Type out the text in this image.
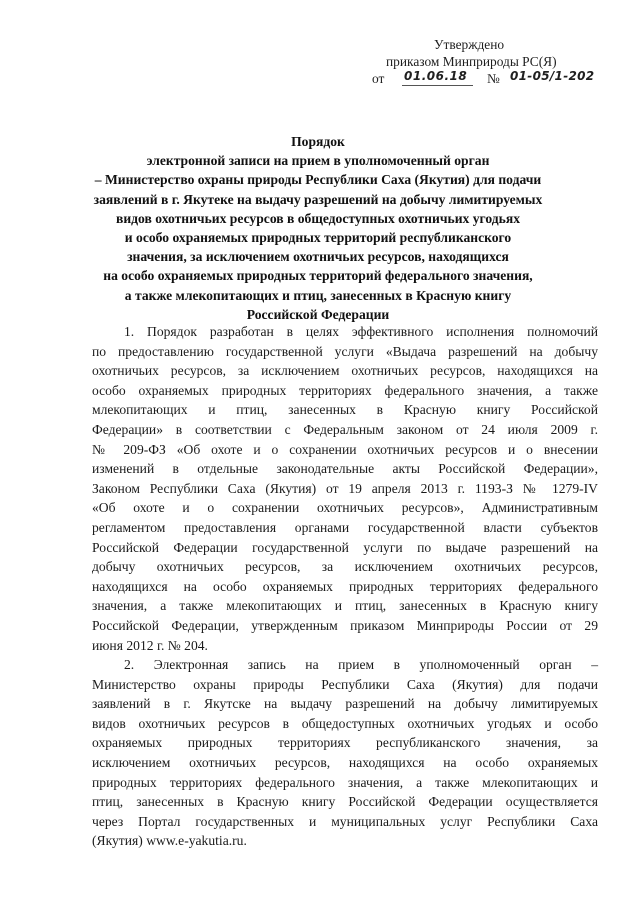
Утверждено
приказом Минприроды РС(Я)
от 01.06.18	№ 01-05/1-202
Порядок
электронной записи на прием в уполномоченный орган
– Министерство охраны природы Республики Саха (Якутия) для подачи
заявлений в г. Якутеке на выдачу разрешений на добычу лимитируемых
видов охотничьих ресурсов в общедоступных охотничьих угодьях
и особо охраняемых природных территорий республиканского
значения, за исключением охотничьих ресурсов, находящихся
на особо охраняемых природных территорий федерального значения,
а также млекопитающих и птиц, занесенных в Красную книгу
Российской Федерации

1. Порядок разработан в целях эффективного исполнения полномочий
по предоставлению государственной услуги «Выдача разрешений на добычу
охотничьих ресурсов, за исключением охотничьих ресурсов, находящихся на
особо охраняемых природных территориях федерального значения, а также
млекопитающих и птиц, занесенных в Красную книгу Российской
Федерации» в соответствии с Федеральным законом от 24 июля 2009 г.
№ 209-ФЗ «Об охоте и о сохранении охотничьих ресурсов и о внесении
изменений в отдельные законодательные акты Российской Федерации»,
Законом Республики Саха (Якутия) от 19 апреля 2013 г. 1193-З № 1279-IV
«Об охоте и о сохранении охотничьих ресурсов», Административным
регламентом предоставления органами государственной власти субъектов
Российской Федерации государственной услуги по выдаче разрешений на
добычу охотничьих ресурсов, за исключением охотничьих ресурсов,
находящихся на особо охраняемых природных территориях федерального
значения, а также млекопитающих и птиц, занесенных в Красную книгу
Российской Федерации, утвержденным приказом Минприроды России от 29
июня 2012 г. № 204.

2. Электронная запись на прием в уполномоченный орган –
Министерство охраны природы Республики Саха (Якутия) для подачи
заявлений в г. Якутске на выдачу разрешений на добычу лимитируемых
видов охотничьих ресурсов в общедоступных охотничьих угодьях и особо
охраняемых природных территориях республиканского значения, за
исключением охотничьих ресурсов, находящихся на особо охраняемых
природных территориях федерального значения, а также млекопитающих и
птиц, занесенных в Красную книгу Российской Федерации осуществляется
через Портал государственных и муниципальных услуг Республики Саха
(Якутия) www.e-yakutia.ru.
